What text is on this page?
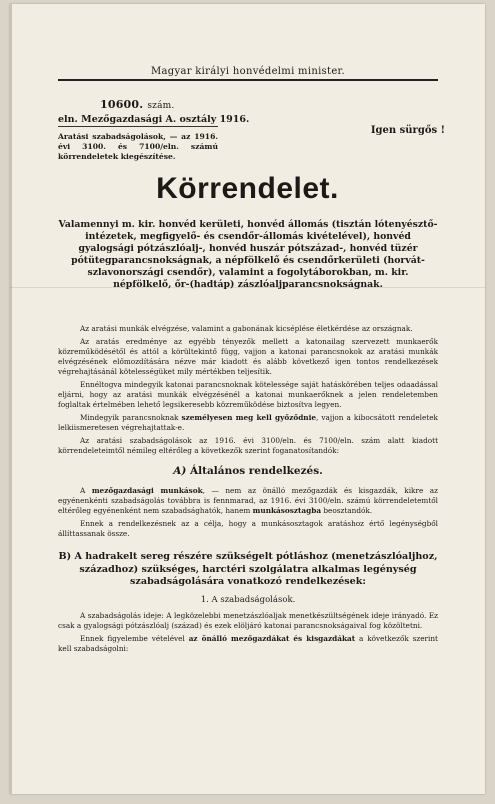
Magyar királyi honvédelmi minister.
10600. szám.
eln. Mezőgazdasági A. osztály 1916.
Igen sürgős !
Aratási szabadságolások, — az 1916. évi 3100. és 7100/eln. számú körrendeletek kiegészítése.
Körrendelet.
Valamennyi m. kir. honvéd kerületi, honvéd állomás (tisztán lótenyésztő-intézetek, megfigyelő- és csendőr-állomás kivételével), honvéd gyalogsági pótzászlóalj-, honvéd huszár pótszázad-, honvéd tüzér pótütegparancsnokságnak, a népfölkelő és csendőrkerületi (horvát-szlavonországi csendőr), valamint a fogolytáborokban, m. kir. népfölkelő, őr-(hadtáp) zászlóaljparancsnokságnak.

Az aratási munkák elvégzése, valamint a gabonának kicséplése életkérdése az országnak.

Az aratás eredménye az egyébb tényezők mellett a katonailag szervezett munkaerők közreműködésétől és attól a körültekintő függ, vajjon a katonai parancsnokok az aratási munkák elvégzésének előmozdítására nézve már kiadott és alább következő igen tontos rendelkezések végrehajtásánál kötelességüket mily mértékben teljesítik.

Ennéltogva mindegyik katonai parancsnoknak kötelessége saját hatáskörében teljes odaadással eljárni, hogy az aratási munkák elvégzésénél a katonai munkaerőknek a jelen rendeletemben foglaltak értelmében lehető legsikeresebb közreműködése biztosítva legyen.

Mindegyik parancsnoknak személyesen meg kell győződnie, vajjon a kibocsátott rendeletek lelkiismeretesen végrehajtattak-e.

Az aratási szabadságolások az 1916. évi 3100/eln. és 7100/eln. szám alatt kiadott körrendeleteimtől némileg eltérőleg a következők szerint foganatosítandók:

A) Általános rendelkezés.

A mezőgazdasági munkások, — nem az önálló mezőgazdák és kisgazdák, kikre az egyénenkénti szabadságolás továbbra is fennmarad, az 1916. évi 3100/eln. számú körrendeletemtől eltérőleg egyénenként nem szabadsághatók, hanem munkásosztagba beosztandók.

Ennek a rendelkezésnek az a célja, hogy a munkásosztagok aratáshoz értő legénységből állíttassanak össze.

B) A hadrakelt sereg részére szükségelt pótláshoz (menetzászlóaljhoz, századhoz) szükséges, harctéri szolgálatra alkalmas legénység szabadságolására vonatkozó rendelkezések:
1. A szabadságolások.

A szabadságolás ideje: A legközelebbi menetzászlóaljak menetkészültségének ideje irányadó. Ez csak a gyalogsági pótzászlóalj (század) és ezek elöljáró katonai parancsnokságaival fog közöltetni.

Ennek figyelembe vételével az önálló mezőgazdákat és kisgazdákat a következők szerint kell szabadságolni:
